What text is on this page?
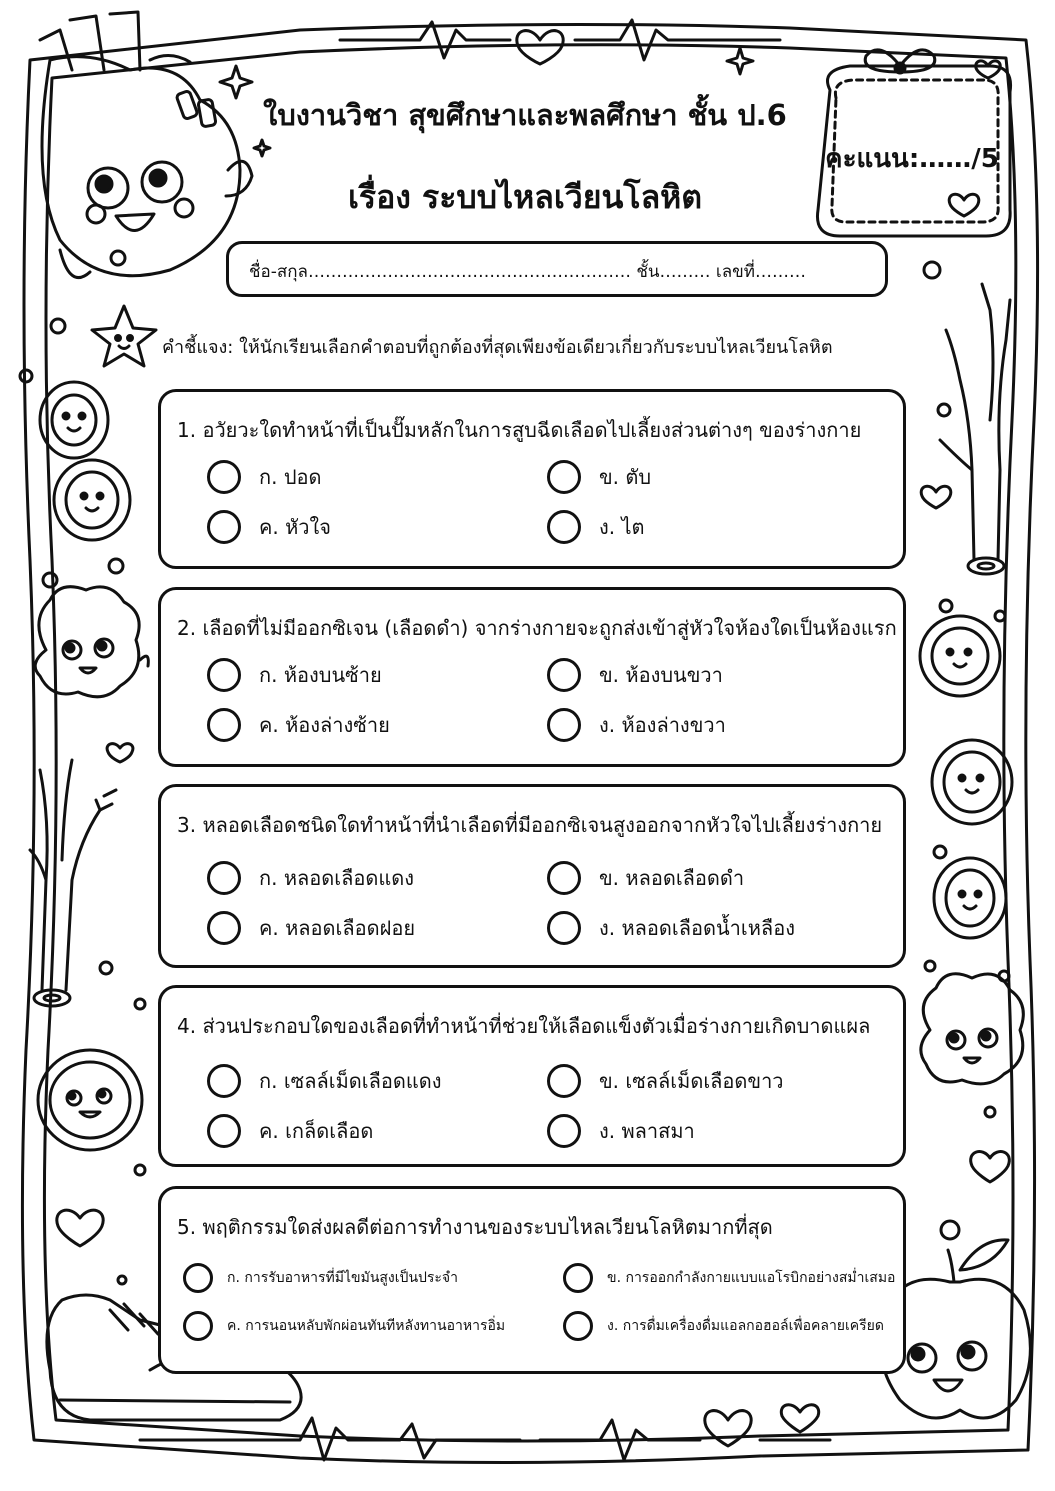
ใบงานวิชา สุขศึกษาและพลศึกษา ชั้น ป.6
เรื่อง ระบบไหลเวียนโลหิต
คะแนน:……/5
ชื่อ-สกุล………………………………………………… ชั้น……… เลขที่………
คำชี้แจง: ให้นักเรียนเลือกคำตอบที่ถูกต้องที่สุดเพียงข้อเดียวเกี่ยวกับระบบไหลเวียนโลหิต
1. อวัยวะใดทำหน้าที่เป็นปั๊มหลักในการสูบฉีดเลือดไปเลี้ยงส่วนต่างๆ ของร่างกาย
ก. ปอด	ข. ตับ
ค. หัวใจ	ง. ไต
2. เลือดที่ไม่มีออกซิเจน (เลือดดำ) จากร่างกายจะถูกส่งเข้าสู่หัวใจห้องใดเป็นห้องแรก
ก. ห้องบนซ้าย	ข. ห้องบนขวา
ค. ห้องล่างซ้าย	ง. ห้องล่างขวา
3. หลอดเลือดชนิดใดทำหน้าที่นำเลือดที่มีออกซิเจนสูงออกจากหัวใจไปเลี้ยงร่างกาย
ก. หลอดเลือดแดง	ข. หลอดเลือดดำ
ค. หลอดเลือดฝอย	ง. หลอดเลือดน้ำเหลือง
4. ส่วนประกอบใดของเลือดที่ทำหน้าที่ช่วยให้เลือดแข็งตัวเมื่อร่างกายเกิดบาดแผล
ก. เซลล์เม็ดเลือดแดง	ข. เซลล์เม็ดเลือดขาว
ค. เกล็ดเลือด	ง. พลาสมา
5. พฤติกรรมใดส่งผลดีต่อการทำงานของระบบไหลเวียนโลหิตมากที่สุด
ก. การรับอาหารที่มีไขมันสูงเป็นประจำ	ข. การออกกำลังกายแบบแอโรบิกอย่างสม่ำเสมอ
ค. การนอนหลับพักผ่อนทันทีหลังทานอาหารอิ่ม	ง. การดื่มเครื่องดื่มแอลกอฮอล์เพื่อคลายเครียด
